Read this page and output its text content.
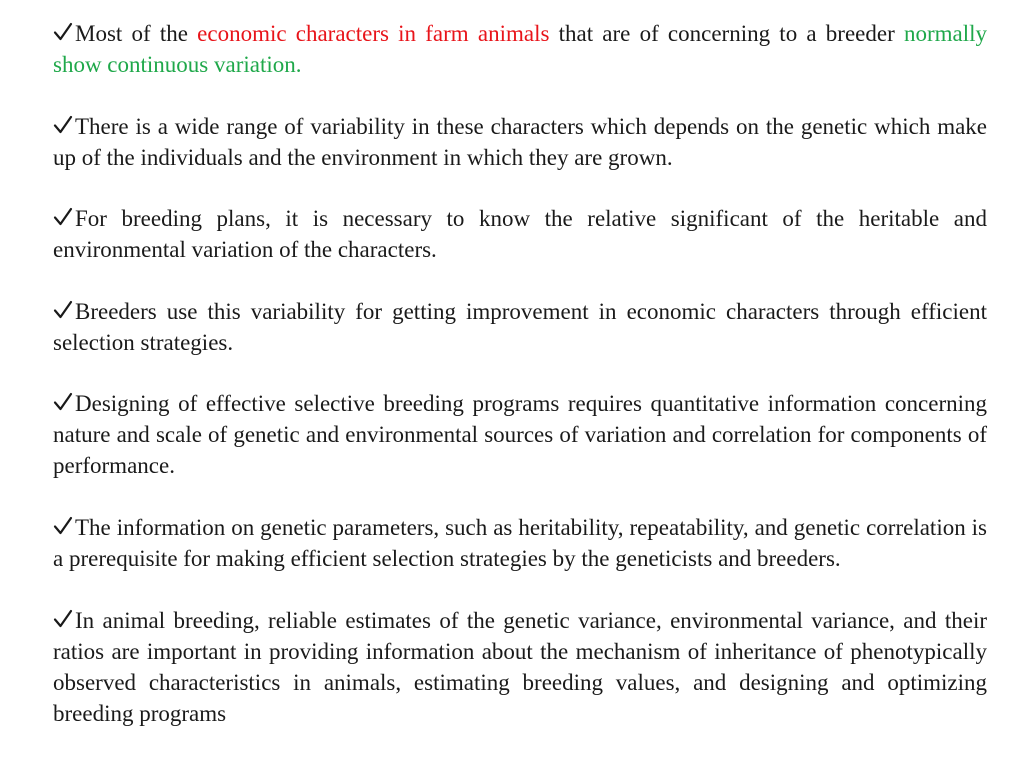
Most of the economic characters in farm animals that are of concerning to a breeder normally show continuous variation.

There is a wide range of variability in these characters which depends on the genetic which make up of the individuals and the environment in which they are grown.

For breeding plans, it is necessary to know the relative significant of the heritable and environmental variation of the characters.

Breeders use this variability for getting improvement in economic characters through efficient selection strategies.

Designing of effective selective breeding programs requires quantitative information concerning nature and scale of genetic and environmental sources of variation and correlation for components of performance.

The information on genetic parameters, such as heritability, repeatability, and genetic correlation is a prerequisite for making efficient selection strategies by the geneticists and breeders.

In animal breeding, reliable estimates of the genetic variance, environmental variance, and their ratios are important in providing information about the mechanism of inheritance of phenotypically observed characteristics in animals, estimating breeding values, and designing and optimizing breeding programs
